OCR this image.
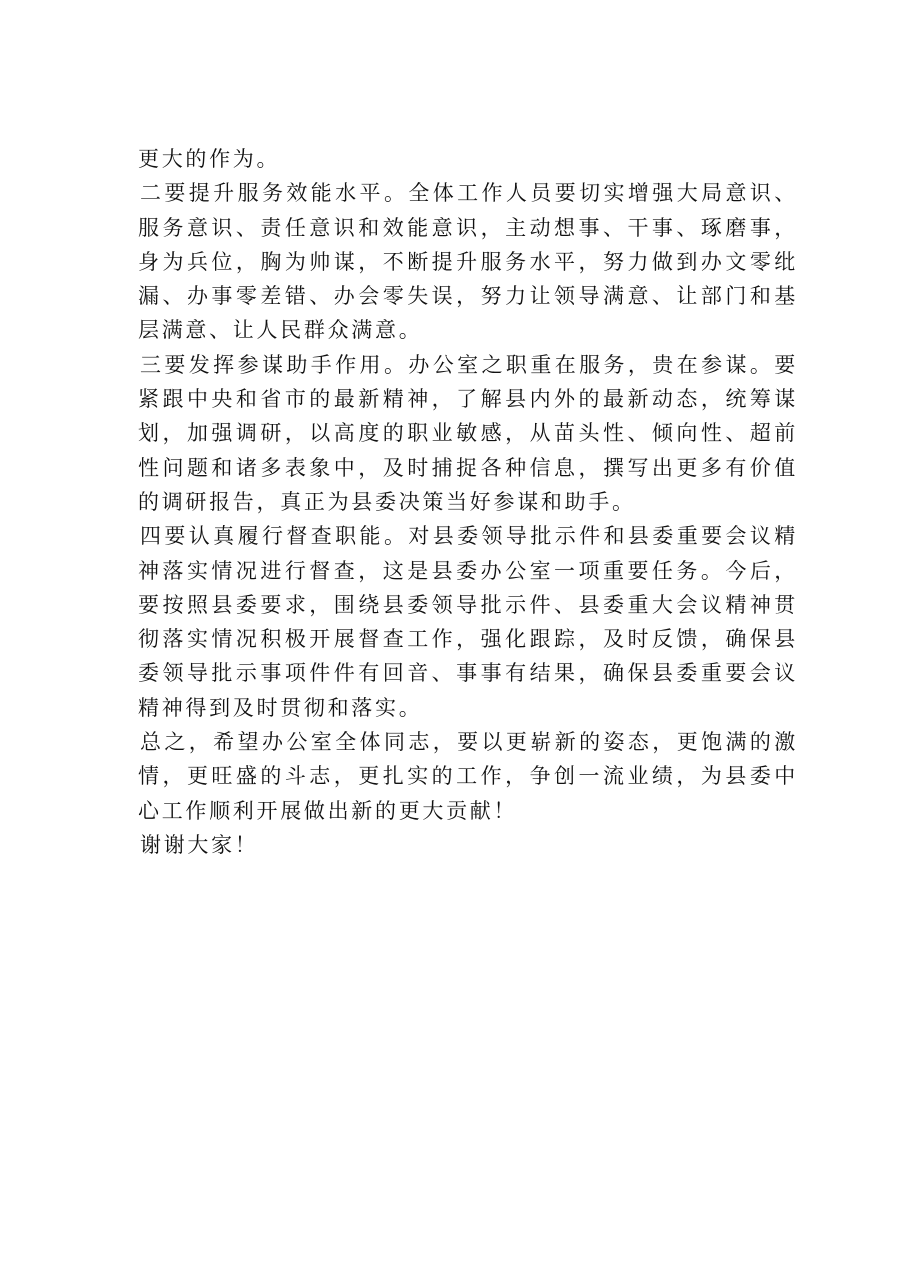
更大的作为。

二要提升服务效能水平。全体工作人员要切实增强大局意识、服务意识、责任意识和效能意识，主动想事、干事、琢磨事，身为兵位，胸为帅谋，不断提升服务水平，努力做到办文零纰漏、办事零差错、办会零失误，努力让领导满意、让部门和基层满意、让人民群众满意。

三要发挥参谋助手作用。办公室之职重在服务，贵在参谋。要紧跟中央和省市的最新精神，了解县内外的最新动态，统筹谋划，加强调研，以高度的职业敏感，从苗头性、倾向性、超前性问题和诸多表象中，及时捕捉各种信息，撰写出更多有价值的调研报告，真正为县委决策当好参谋和助手。

四要认真履行督查职能。对县委领导批示件和县委重要会议精神落实情况进行督查，这是县委办公室一项重要任务。今后，要按照县委要求，围绕县委领导批示件、县委重大会议精神贯彻落实情况积极开展督查工作，强化跟踪，及时反馈，确保县委领导批示事项件件有回音、事事有结果，确保县委重要会议精神得到及时贯彻和落实。

总之，希望办公室全体同志，要以更崭新的姿态，更饱满的激情，更旺盛的斗志，更扎实的工作，争创一流业绩，为县委中心工作顺利开展做出新的更大贡献！

谢谢大家！
